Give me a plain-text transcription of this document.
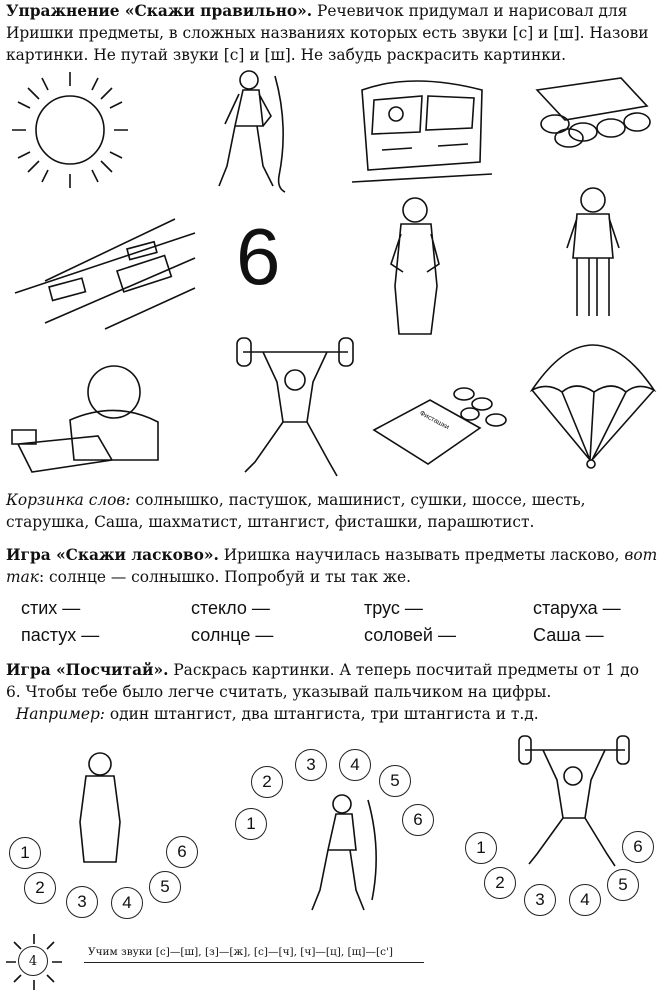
Упражнение «Скажи правильно». Речевичок придумал и нарисовал для Иришки предметы, в сложных названиях которых есть звуки [с] и [ш]. Назови картинки. Не путай звуки [с] и [ш]. Не забудь раскрасить картинки.
6
Фисташки
Корзинка слов: солнышко, пастушок, машинист, сушки, шоссе, шесть, старушка, Саша, шахматист, штангист, фисташки, парашютист.
Игра «Скажи ласково». Иришка научилась называть предметы ласково, вот так: солнце — солнышко. Попробуй и ты так же.
стих —	стекло —	трус —	старуха —
пастух —	солнце —	соловей —	Саша —
Игра «Посчитай». Раскрась картинки. А теперь посчитай предметы от 1 до 6. Чтобы тебе было легче считать, указывай пальчиком на цифры.
Например: один штангист, два штангиста, три штангиста и т.д.
1
2
3	4
5
6
1
2
3	4
5
6
1
2
3	4
5
6
4
Учим звуки [с]—[ш], [з]—[ж], [с]—[ч], [ч]—[ц], [щ]—[с']
